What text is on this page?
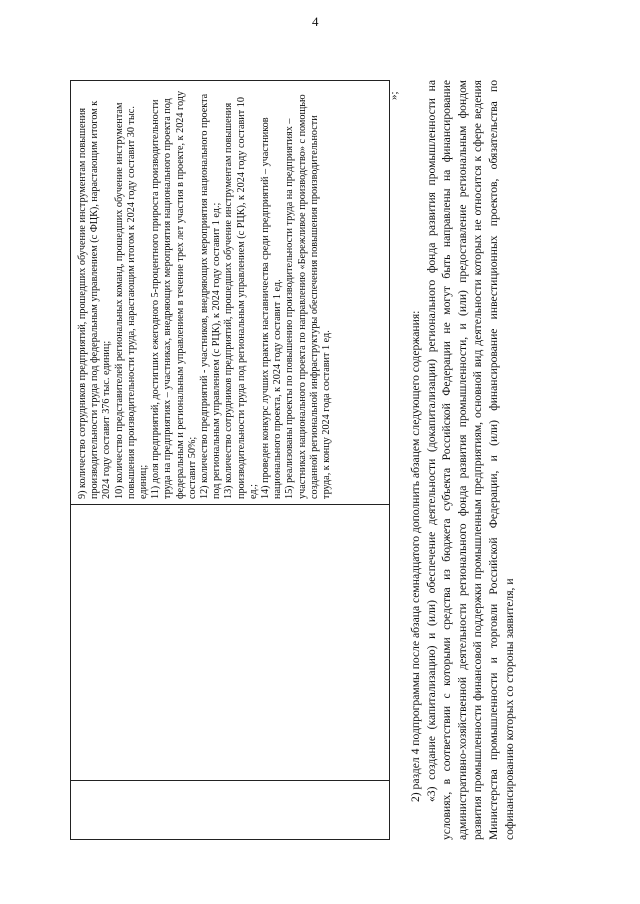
4

9) количество сотрудников предприятий, прошедших обучение инструментам повышения производительности труда под федеральным управлением (с ФЦК), нарастающим итогом к 2024 году составит 376 тыс. единиц; 10) количество представителей региональных команд, прошедших обучение инструментам повышения производительности труда, нарастающим итогом к 2024 году составит 30 тыс. единиц; 11) доля предприятий, достигших ежегодного 5-процентного прироста производительности труда на предприятиях – участниках, внедряющих мероприятия национального проекта под федеральным и региональным управлением в течение трех лет участия в проекте, к 2024 году составит 50%; 12) количество предприятий - участников, внедряющих мероприятия национального проекта под региональным управлением (с РЦК), к 2024 году составит 1 ед.; 13) количество сотрудников предприятий, прошедших обучение инструментам повышения производительности труда под региональным управлением (с РЦК), к 2024 году составит 10 ед.; 14) проведен конкурс лучших практик наставничества среди предприятий – участников национального проекта, к 2024 году составит 1 ед. 15) реализованы проекты по повышению производительности труда на предприятиях – участниках национального проекта по направлению «Бережливое производство» с помощью созданной региональной инфраструктуры обеспечения повышения производительности труда, к концу 2024 года составит 1 ед.

»;

2) раздел 4 подпрограммы после абзаца семнадцатого дополнить абзацем следующего содержания: «3) создание (капитализацию) и (или) обеспечение деятельности (докапитализации) регионального фонда развития промышленности на условиях, в соответствии с которыми средства из бюджета субъекта Российской Федерации не могут быть направлены на финансирование административно-хозяйственной деятельности регионального фонда развития промышленности, и (или) предоставление региональным фондом развития промышленности финансовой поддержки промышленным предприятиям, основной вид деятельности которых не относится к сфере ведения Министерства промышленности и торговли Российской Федерации, и (или) финансирование инвестиционных проектов, обязательства по софинансированию которых со стороны заявителя, и
